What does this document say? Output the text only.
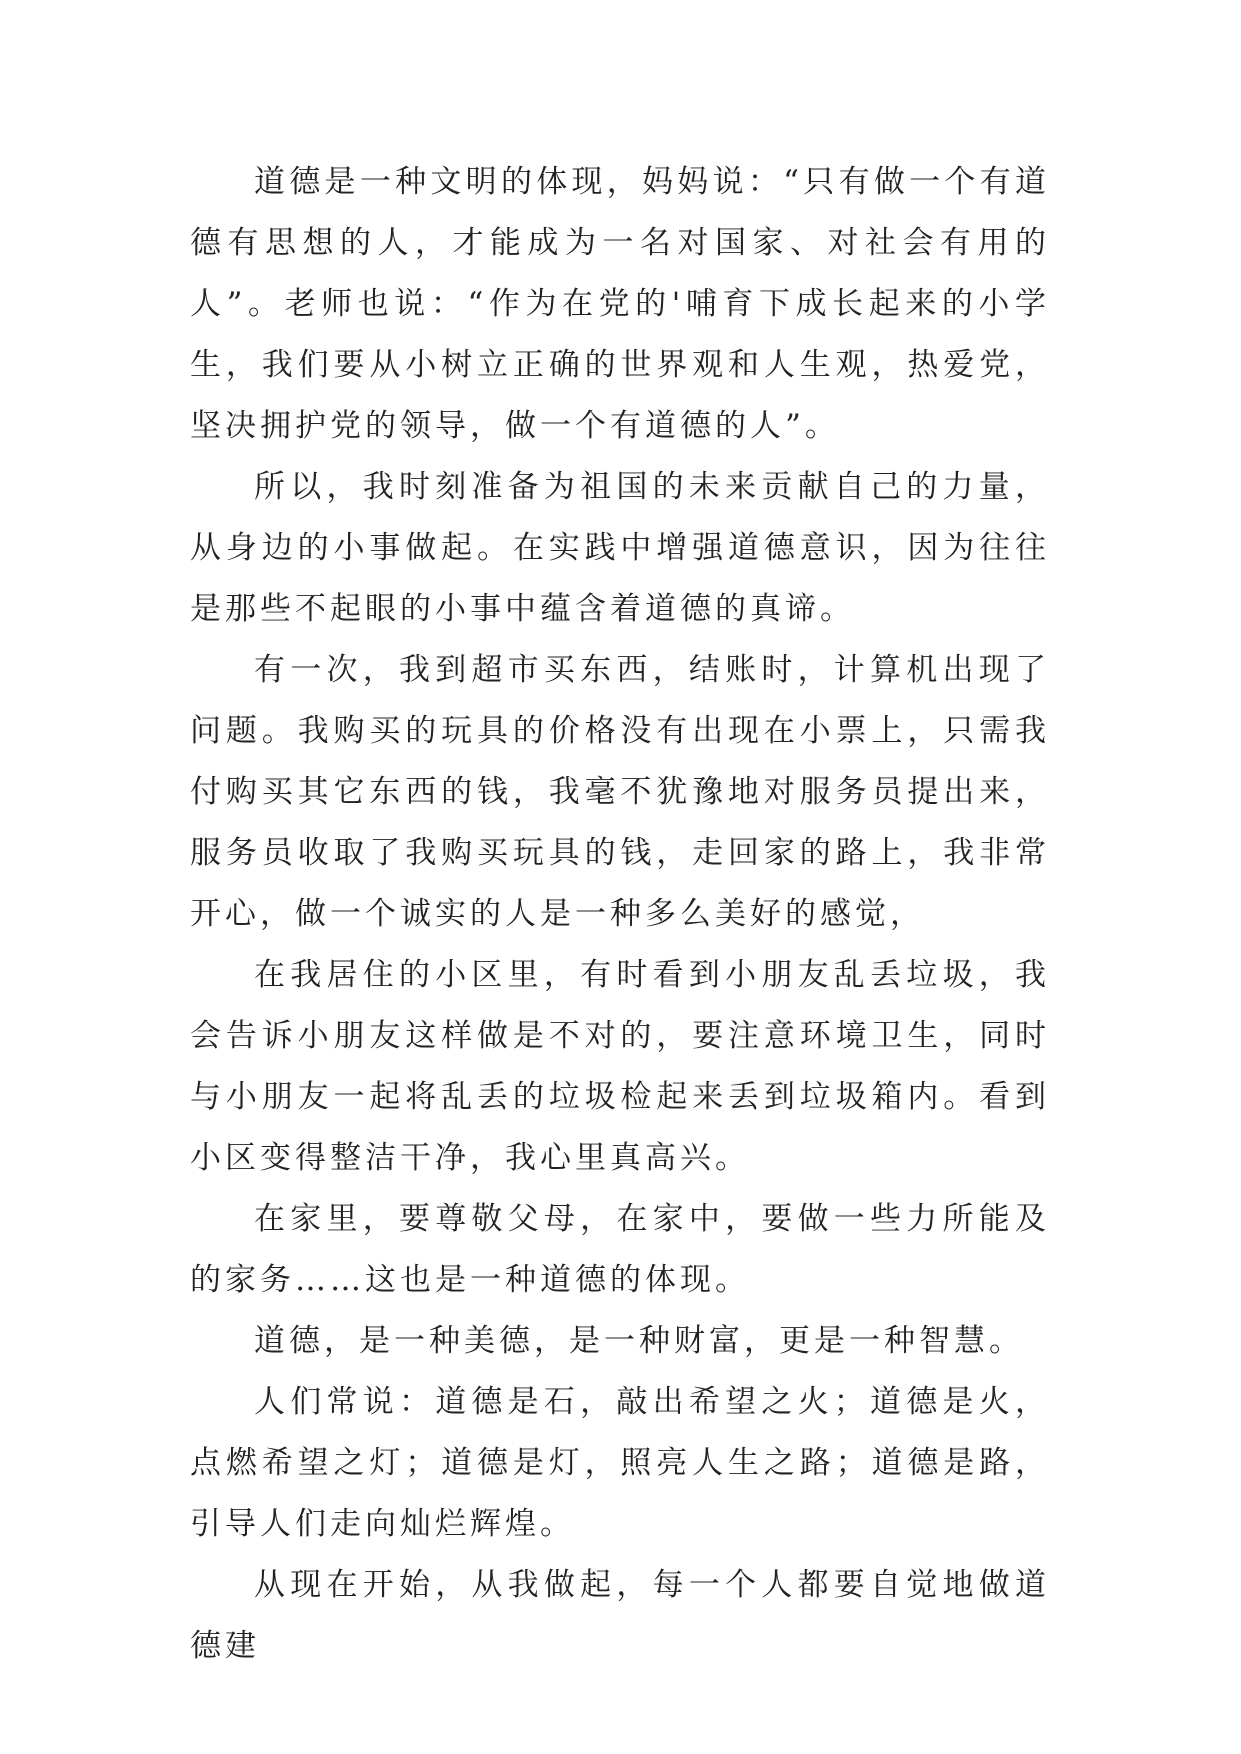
道德是一种文明的体现，妈妈说：“只有做一个有道德有思想的人，才能成为一名对国家、对社会有用的人”。老师也说：“作为在党的'哺育下成长起来的小学生，我们要从小树立正确的世界观和人生观，热爱党，坚决拥护党的领导，做一个有道德的人”。

所以，我时刻准备为祖国的未来贡献自己的力量，从身边的小事做起。在实践中增强道德意识，因为往往是那些不起眼的小事中蕴含着道德的真谛。

有一次，我到超市买东西，结账时，计算机出现了问题。我购买的玩具的价格没有出现在小票上，只需我付购买其它东西的钱，我毫不犹豫地对服务员提出来，服务员收取了我购买玩具的钱，走回家的路上，我非常开心，做一个诚实的人是一种多么美好的感觉，

在我居住的小区里，有时看到小朋友乱丢垃圾，我会告诉小朋友这样做是不对的，要注意环境卫生，同时与小朋友一起将乱丢的垃圾检起来丢到垃圾箱内。看到小区变得整洁干净，我心里真高兴。

在家里，要尊敬父母，在家中，要做一些力所能及的家务……这也是一种道德的体现。

道德，是一种美德，是一种财富，更是一种智慧。

人们常说：道德是石，敲出希望之火；道德是火，点燃希望之灯；道德是灯，照亮人生之路；道德是路，引导人们走向灿烂辉煌。

从现在开始，从我做起，每一个人都要自觉地做道德建
